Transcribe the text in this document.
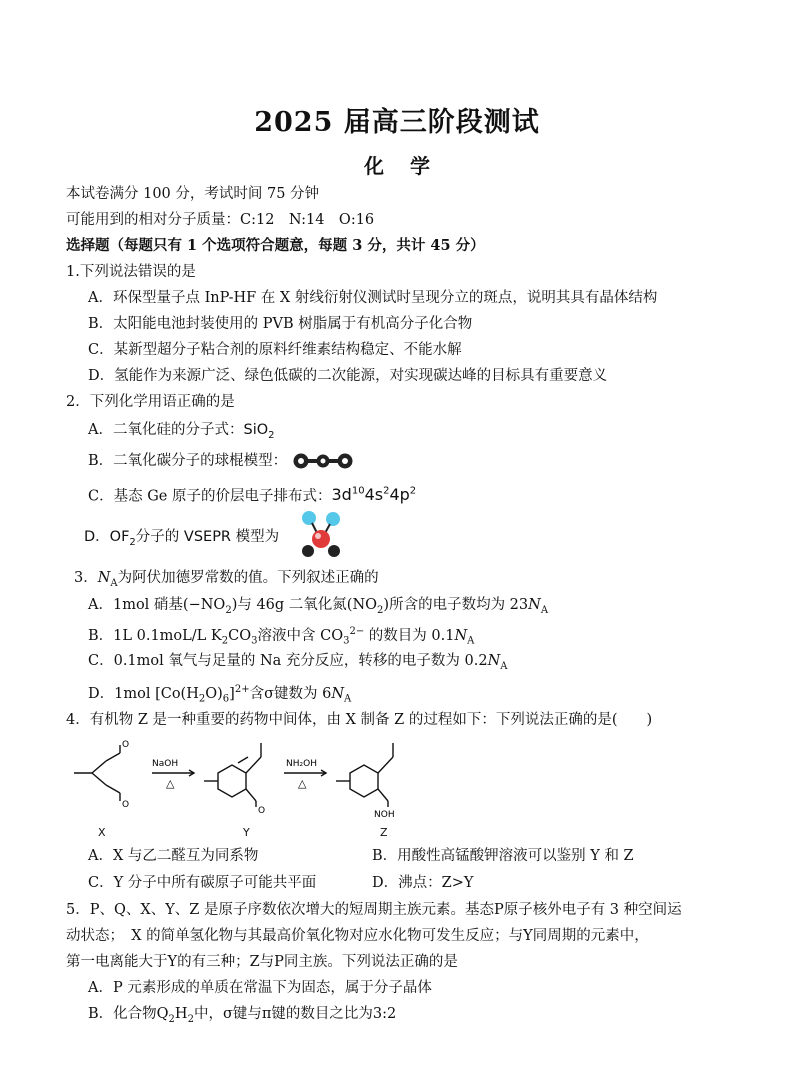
2025 届高三阶段测试
化学
本试卷满分 100 分，考试时间 75 分钟
可能用到的相对分子质量：C:12　N:14　O:16
选择题（每题只有 1 个选项符合题意，每题 3 分，共计 45 分）
1.下列说法错误的是
A．环保型量子点 InP-HF 在 X 射线衍射仪测试时呈现分立的斑点，说明其具有晶体结构
B．太阳能电池封装使用的 PVB 树脂属于有机高分子化合物
C．某新型超分子粘合剂的原料纤维素结构稳定、不能水解
D．氢能作为来源广泛、绿色低碳的二次能源，对实现碳达峰的目标具有重要意义
2．下列化学用语正确的是
A．二氧化硅的分子式：SiO$_2$
B．二氧化碳分子的球棍模型：
C．基态 Ge 原子的价层电子排布式：$3d^{10}4s^24p^2$
D．$OF_2$分子的 VSEPR 模型为
3．$N_A$为阿伏加德罗常数的值。下列叙述正确的
A．1mol 硝基$(-NO_2)$与 46g 二氧化氮$(NO_2)$所含的电子数均为 $23N_A$
B．1L 0.1moL/L $K_2CO_3$溶液中含 $CO_3^{2-}$ 的数目为 $0.1N_A$
C．0.1mol 氧气与足量的 Na 充分反应，转移的电子数为 $0.2N_A$
D．1mol $[Co(H_2O)_6]^{2+}$含σ键数为 $6N_A$
4．有机物 Z 是一种重要的药物中间体，由 X 制备 Z 的过程如下：下列说法正确的是(　　)
O
O
O
NaOH
△
NH₂OH
△
NOH
X	Y	Z
A．X 与乙二醛互为同系物	B．用酸性高锰酸钾溶液可以鉴别 Y 和 Z
C．Y 分子中所有碳原子可能共平面	D．沸点：Z>Y
5．P、Q、X、Y、Z 是原子序数依次增大的短周期主族元素。基态P原子核外电子有 3 种空间运
动状态；　X 的简单氢化物与其最高价氧化物对应水化物可发生反应；与Y同周期的元素中，
第一电离能大于Y的有三种；Z与P同主族。下列说法正确的是
A．P 元素形成的单质在常温下为固态，属于分子晶体
B．化合物$Q_2H_2$中，σ键与π键的数目之比为3:2
